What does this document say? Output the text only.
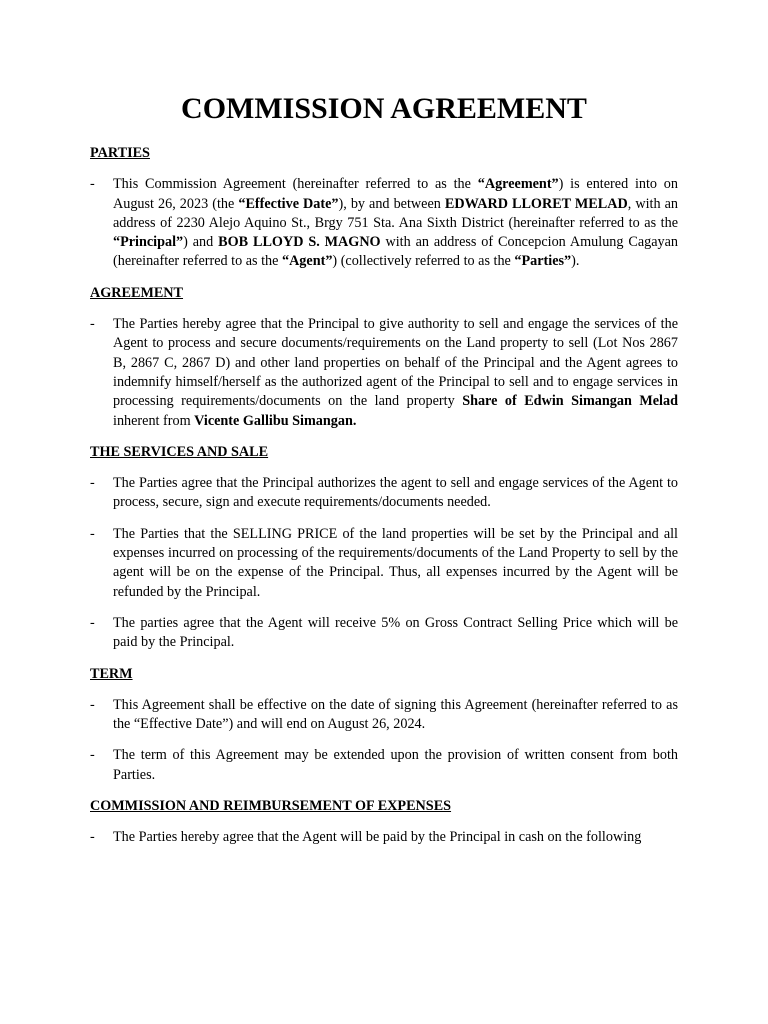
COMMISSION AGREEMENT
PARTIES
- This Commission Agreement (hereinafter referred to as the “Agreement”) is entered into on August 26, 2023 (the “Effective Date”), by and between EDWARD LLORET MELAD, with an address of 2230 Alejo Aquino St., Brgy 751 Sta. Ana Sixth District (hereinafter referred to as the “Principal”) and BOB LLOYD S. MAGNO with an address of Concepcion Amulung Cagayan (hereinafter referred to as the “Agent”) (collectively referred to as the “Parties”).
AGREEMENT
- The Parties hereby agree that the Principal to give authority to sell and engage the services of the Agent to process and secure documents/requirements on the Land property to sell (Lot Nos 2867 B, 2867 C, 2867 D) and other land properties on behalf of the Principal and the Agent agrees to indemnify himself/herself as the authorized agent of the Principal to sell and to engage services in processing requirements/documents on the land property Share of Edwin Simangan Melad inherent from Vicente Gallibu Simangan.
THE SERVICES AND SALE
- The Parties agree that the Principal authorizes the agent to sell and engage services of the Agent to process, secure, sign and execute requirements/documents needed.
- The Parties that the SELLING PRICE of the land properties will be set by the Principal and all expenses incurred on processing of the requirements/documents of the Land Property to sell by the agent will be on the expense of the Principal. Thus, all expenses incurred by the Agent will be refunded by the Principal.
- The parties agree that the Agent will receive 5% on Gross Contract Selling Price which will be paid by the Principal.
TERM
- This Agreement shall be effective on the date of signing this Agreement (hereinafter referred to as the “Effective Date”) and will end on August 26, 2024.
- The term of this Agreement may be extended upon the provision of written consent from both Parties.
COMMISSION AND REIMBURSEMENT OF EXPENSES
- The Parties hereby agree that the Agent will be paid by the Principal in cash on the following
